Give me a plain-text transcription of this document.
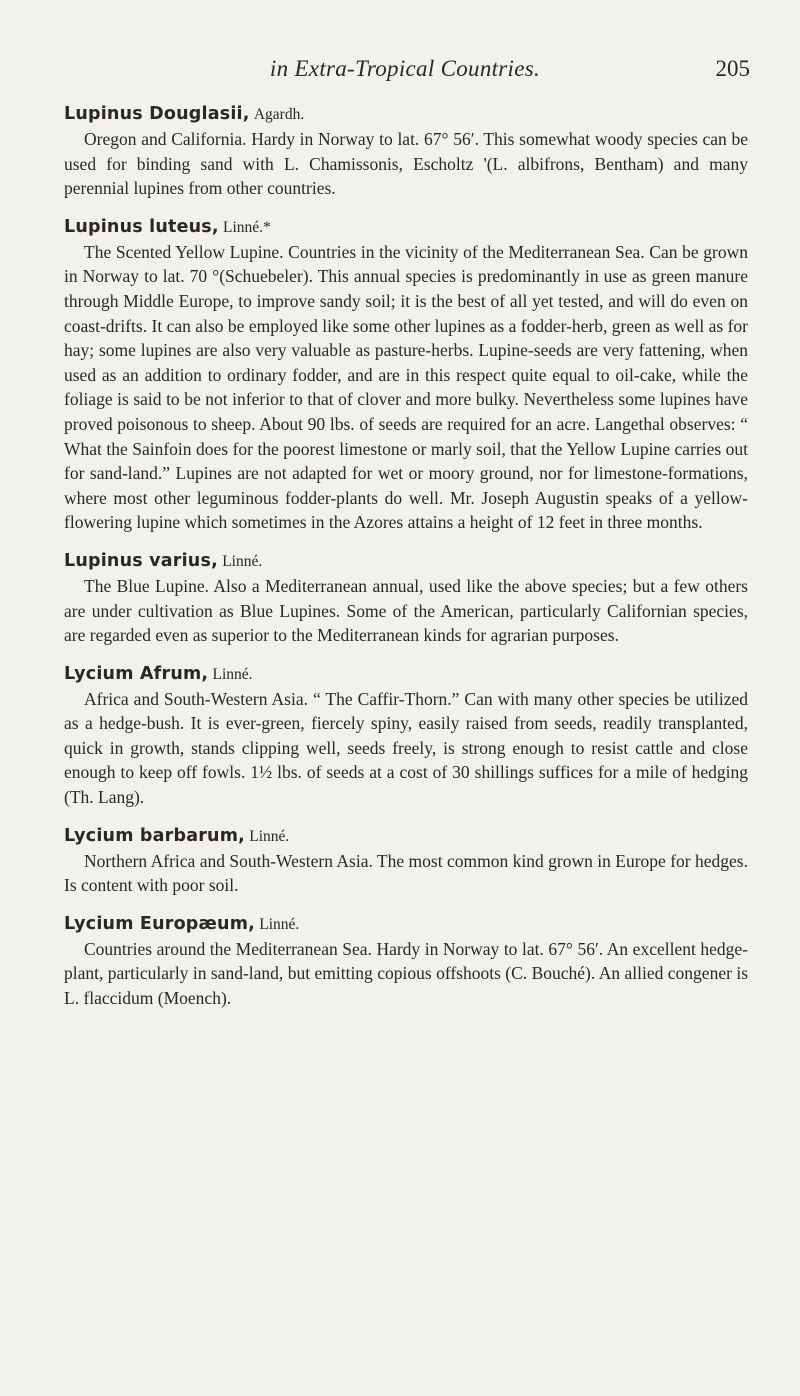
in Extra-Tropical Countries.	205
Lupinus Douglasii, Agardh.

Oregon and California. Hardy in Norway to lat. 67° 56′. This somewhat woody species can be used for binding sand with L. Chamissonis, Escholtz '(L. albifrons, Bentham) and many perennial lupines from other countries.

Lupinus luteus, Linné.*

The Scented Yellow Lupine. Countries in the vicinity of the Mediterranean Sea. Can be grown in Norway to lat. 70 °(Schuebeler). This annual species is predominantly in use as green manure through Middle Europe, to improve sandy soil; it is the best of all yet tested, and will do even on coast-drifts. It can also be employed like some other lupines as a fodder-herb, green as well as for hay; some lupines are also very valuable as pasture-herbs. Lupine-seeds are very fattening, when used as an addition to ordinary fodder, and are in this respect quite equal to oil-cake, while the foliage is said to be not inferior to that of clover and more bulky. Nevertheless some lupines have proved poisonous to sheep. About 90 lbs. of seeds are required for an acre. Langethal observes: “ What the Sainfoin does for the poorest limestone or marly soil, that the Yellow Lupine carries out for sand-land.” Lupines are not adapted for wet or moory ground, nor for limestone-formations, where most other leguminous fodder-plants do well. Mr. Joseph Augustin speaks of a yellow-flowering lupine which sometimes in the Azores attains a height of 12 feet in three months.

Lupinus varius, Linné.

The Blue Lupine. Also a Mediterranean annual, used like the above species; but a few others are under cultivation as Blue Lupines. Some of the American, particularly Californian species, are regarded even as superior to the Mediterranean kinds for agrarian purposes.

Lycium Afrum, Linné.

Africa and South-Western Asia. “ The Caffir-Thorn.” Can with many other species be utilized as a hedge-bush. It is ever-green, fiercely spiny, easily raised from seeds, readily transplanted, quick in growth, stands clipping well, seeds freely, is strong enough to resist cattle and close enough to keep off fowls. 1½ lbs. of seeds at a cost of 30 shillings suffices for a mile of hedging (Th. Lang).

Lycium barbarum, Linné.

Northern Africa and South-Western Asia. The most common kind grown in Europe for hedges. Is content with poor soil.

Lycium Europæum, Linné.

Countries around the Mediterranean Sea. Hardy in Norway to lat. 67° 56′. An excellent hedge-plant, particularly in sand-land, but emitting copious offshoots (C. Bouché). An allied congener is L. flaccidum (Moench).
